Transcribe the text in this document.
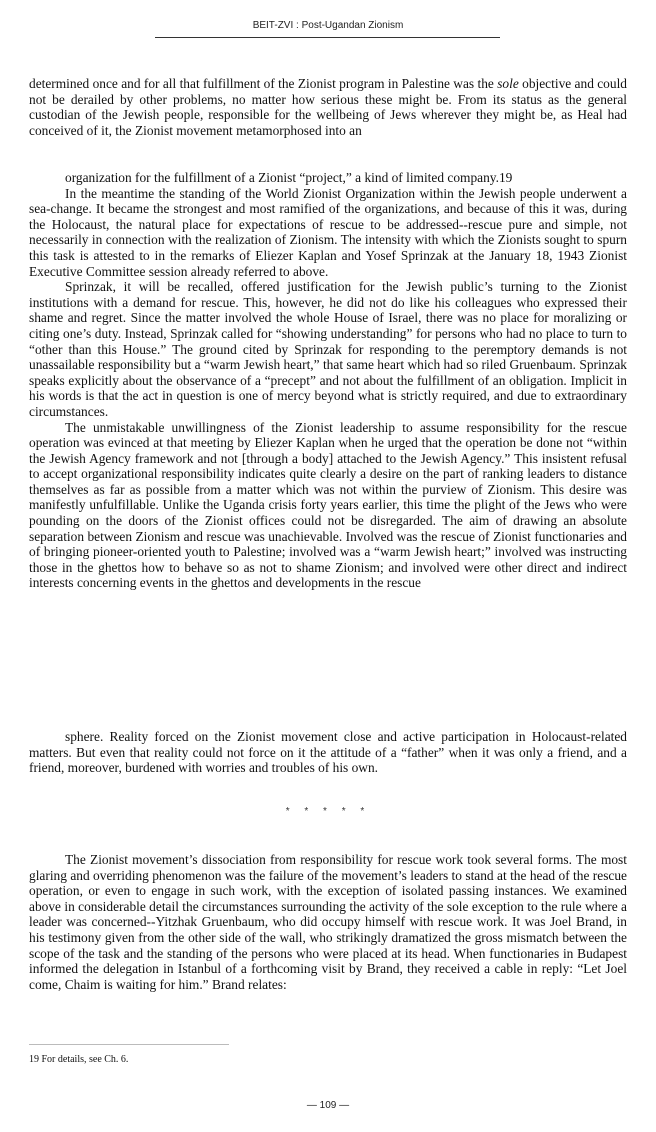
BEIT-ZVI : Post-Ugandan Zionism

determined once and for all that fulfillment of the Zionist program in Palestine was the sole objective and could not be derailed by other problems, no matter how serious these might be. From its status as the general custodian of the Jewish people, responsible for the wellbeing of Jews wherever they might be, as Heal had conceived of it, the Zionist movement metamorphosed into an

organization for the fulfillment of a Zionist “project,” a kind of limited company.19

In the meantime the standing of the World Zionist Organization within the Jewish people underwent a sea-change. It became the strongest and most ramified of the organizations, and because of this it was, during the Holocaust, the natural place for expectations of rescue to be addressed--rescue pure and simple, not necessarily in connection with the realization of Zionism. The intensity with which the Zionists sought to spurn this task is attested to in the remarks of Eliezer Kaplan and Yosef Sprinzak at the January 18, 1943 Zionist Executive Committee session already referred to above.

Sprinzak, it will be recalled, offered justification for the Jewish public’s turning to the Zionist institutions with a demand for rescue. This, however, he did not do like his colleagues who expressed their shame and regret. Since the matter involved the whole House of Israel, there was no place for moralizing or citing one’s duty. Instead, Sprinzak called for “showing understanding” for persons who had no place to turn to “other than this House.” The ground cited by Sprinzak for responding to the peremptory demands is not unassailable responsibility but a “warm Jewish heart,” that same heart which had so riled Gruenbaum. Sprinzak speaks explicitly about the observance of a “precept” and not about the fulfillment of an obligation. Implicit in his words is that the act in question is one of mercy beyond what is strictly required, and due to extraordinary circumstances.

The unmistakable unwillingness of the Zionist leadership to assume responsibility for the rescue operation was evinced at that meeting by Eliezer Kaplan when he urged that the operation be done not “within the Jewish Agency framework and not [through a body] attached to the Jewish Agency.” This insistent refusal to accept organizational responsibility indicates quite clearly a desire on the part of ranking leaders to distance themselves as far as possible from a matter which was not within the purview of Zionism. This desire was manifestly unfulfillable. Unlike the Uganda crisis forty years earlier, this time the plight of the Jews who were pounding on the doors of the Zionist offices could not be disregarded. The aim of drawing an absolute separation between Zionism and rescue was unachievable. Involved was the rescue of Zionist functionaries and of bringing pioneer-oriented youth to Palestine; involved was a “warm Jewish heart;” involved was instructing those in the ghettos how to behave so as not to shame Zionism; and involved were other direct and indirect interests concerning events in the ghettos and developments in the rescue

sphere. Reality forced on the Zionist movement close and active participation in Holocaust-related matters. But even that reality could not force on it the attitude of a “father” when it was only a friend, and a friend, moreover, burdened with worries and troubles of his own.

* * * * *

The Zionist movement’s dissociation from responsibility for rescue work took several forms. The most glaring and overriding phenomenon was the failure of the movement’s leaders to stand at the head of the rescue operation, or even to engage in such work, with the exception of isolated passing instances. We examined above in considerable detail the circumstances surrounding the activity of the sole exception to the rule where a leader was concerned--Yitzhak Gruenbaum, who did occupy himself with rescue work. It was Joel Brand, in his testimony given from the other side of the wall, who strikingly dramatized the gross mismatch between the scope of the task and the standing of the persons who were placed at its head. When functionaries in Budapest informed the delegation in Istanbul of a forthcoming visit by Brand, they received a cable in reply: “Let Joel come, Chaim is waiting for him.” Brand relates:

19 For details, see Ch. 6.
— 109 —
